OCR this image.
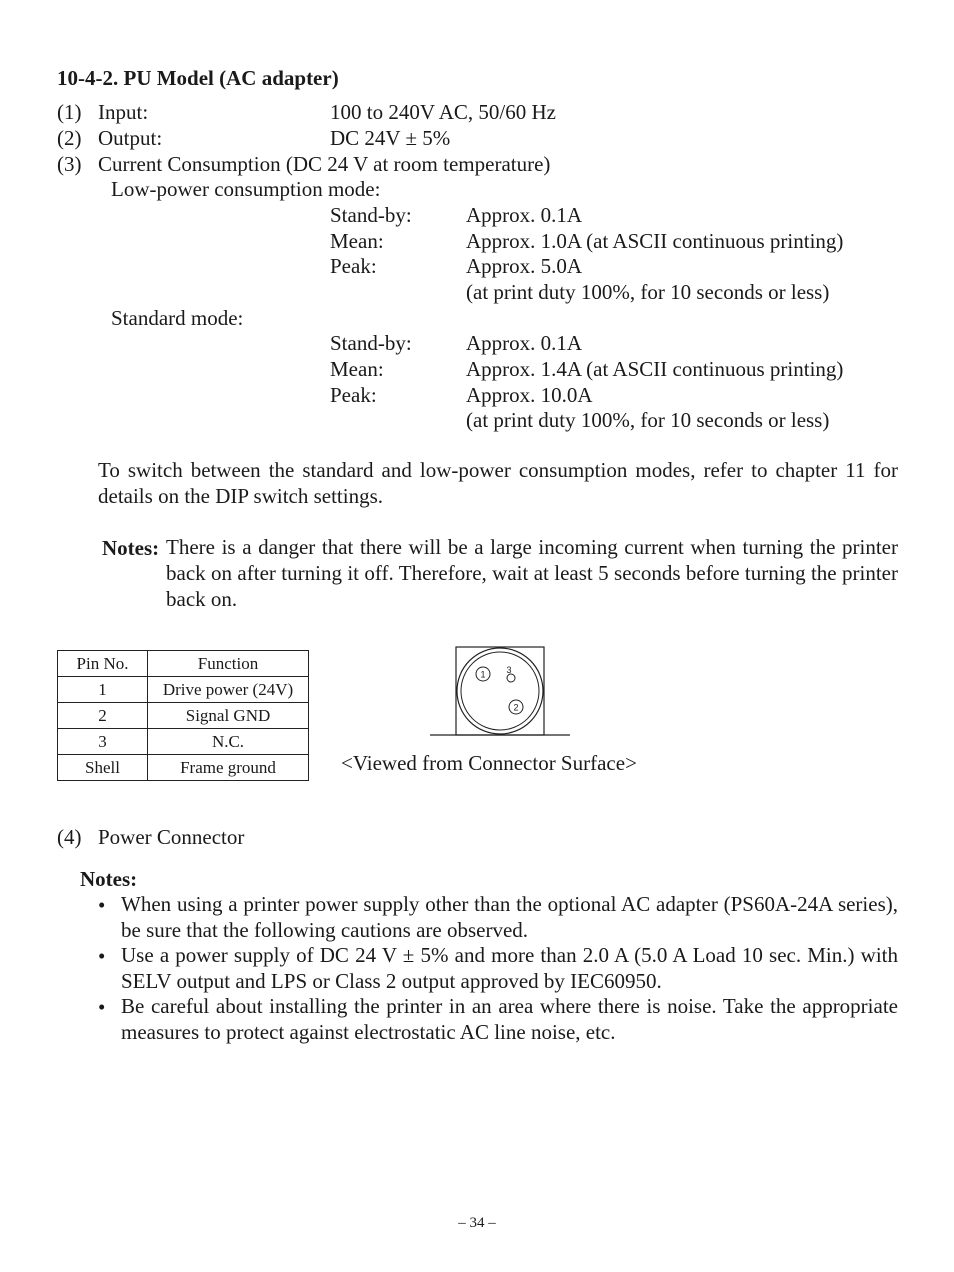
10-4-2. PU Model (AC adapter)
(1) Input:	100 to 240V AC, 50/60 Hz
(2) Output:	DC 24V ± 5%
(3) Current Consumption (DC 24 V at room temperature)
Low-power consumption mode:
Stand-by:	Approx. 0.1A
Mean:	Approx. 1.0A (at ASCII continuous printing)
Peak:	Approx. 5.0A
(at print duty 100%, for 10 seconds or less)
Standard mode:
Stand-by:	Approx. 0.1A
Mean:	Approx. 1.4A (at ASCII continuous printing)
Peak:	Approx. 10.0A
(at print duty 100%, for 10 seconds or less)
To switch between the standard and low-power consumption modes, refer to chapter 11 for details on the DIP switch settings.
Notes: There is a danger that there will be a large incoming current when turning the printer back on after turning it off. Therefore, wait at least 5 seconds before turning the printer back on.
Pin No.	Function
1	Drive power (24V)
2	Signal GND
3	N.C.
Shell	Frame ground
1
2
3
<Viewed from Connector Surface>
(4) Power Connector
Notes:
• When using a printer power supply other than the optional AC adapter (PS60A-24A series), be sure that the following cautions are observed.
• Use a power supply of DC 24 V ± 5% and more than 2.0 A (5.0 A Load 10 sec. Min.) with SELV output and LPS or Class 2 output approved by IEC60950.
• Be careful about installing the printer in an area where there is noise. Take the appropriate measures to protect against electrostatic AC line noise, etc.
– 34 –
